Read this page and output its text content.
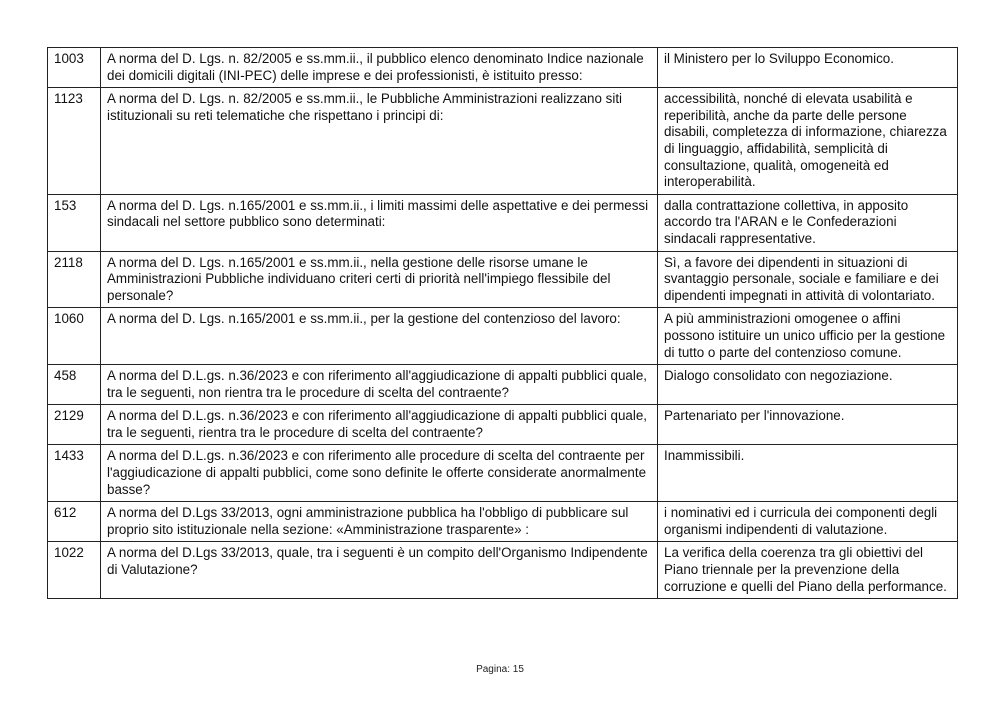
1003	A norma del D. Lgs. n. 82/2005 e ss.mm.ii., il pubblico elenco denominato Indice nazionale dei domicili digitali (INI-PEC) delle imprese e dei professionisti, è istituito presso:	il Ministero per lo Sviluppo Economico.
1123	A norma del D. Lgs. n. 82/2005 e ss.mm.ii., le Pubbliche Amministrazioni realizzano siti istituzionali su reti telematiche che rispettano i principi di:	accessibilità, nonché di elevata usabilità e reperibilità, anche da parte delle persone disabili, completezza di informazione, chiarezza di linguaggio, affidabilità, semplicità di consultazione, qualità, omogeneità ed interoperabilità.
153	A norma del D. Lgs. n.165/2001 e ss.mm.ii., i limiti massimi delle aspettative e dei permessi sindacali nel settore pubblico sono determinati:	dalla contrattazione collettiva, in apposito accordo tra l'ARAN e le Confederazioni sindacali rappresentative.
2118	A norma del D. Lgs. n.165/2001 e ss.mm.ii., nella gestione delle risorse umane le Amministrazioni Pubbliche individuano criteri certi di priorità nell'impiego flessibile del personale?	Sì, a favore dei dipendenti in situazioni di svantaggio personale, sociale e familiare e dei dipendenti impegnati in attività di volontariato.
1060	A norma del D. Lgs. n.165/2001 e ss.mm.ii., per la gestione del contenzioso del lavoro:	A più amministrazioni omogenee o affini possono istituire un unico ufficio per la gestione di tutto o parte del contenzioso comune.
458	A norma del D.L.gs. n.36/2023 e con riferimento all'aggiudicazione di appalti pubblici quale, tra le seguenti, non rientra tra le procedure di scelta del contraente?	Dialogo consolidato con negoziazione.
2129	A norma del D.L.gs. n.36/2023 e con riferimento all'aggiudicazione di appalti pubblici quale, tra le seguenti, rientra tra le procedure di scelta del contraente?	Partenariato per l'innovazione.
1433	A norma del D.L.gs. n.36/2023 e con riferimento alle procedure di scelta del contraente per l'aggiudicazione di appalti pubblici, come sono definite le offerte considerate anormalmente basse?	Inammissibili.
612	A norma del D.Lgs 33/2013, ogni amministrazione pubblica ha l'obbligo di pubblicare sul proprio sito istituzionale nella sezione: «Amministrazione trasparente» :	i nominativi ed i curricula dei componenti degli organismi indipendenti di valutazione.
1022	A norma del D.Lgs 33/2013, quale, tra i seguenti è un compito dell'Organismo Indipendente di Valutazione?	La verifica della coerenza tra gli obiettivi del Piano triennale per la prevenzione della corruzione e quelli del Piano della performance.
Pagina: 15
